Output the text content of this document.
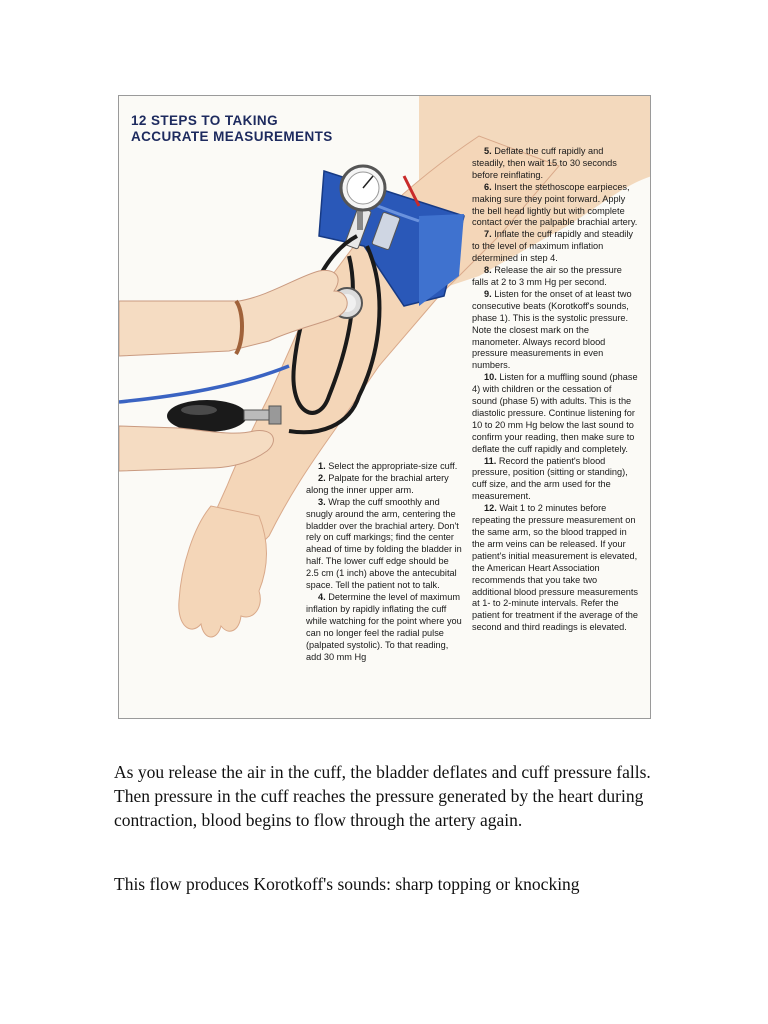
12 STEPS TO TAKING
ACCURATE MEASUREMENTS
1. Select the appropriate-size cuff.
2. Palpate for the brachial artery along the inner upper arm.
3. Wrap the cuff smoothly and snugly around the arm, centering the bladder over the brachial artery. Don't rely on cuff markings; find the center ahead of time by folding the bladder in half. The lower cuff edge should be 2.5 cm (1 inch) above the antecubital space. Tell the patient not to talk.
4. Determine the level of maximum inflation by rapidly inflating the cuff while watching for the point where you can no longer feel the radial pulse (palpated systolic). To that reading, add 30 mm Hg
5. Deflate the cuff rapidly and steadily, then wait 15 to 30 seconds before reinflating.
6. Insert the stethoscope earpieces, making sure they point forward. Apply the bell head lightly but with complete contact over the palpable brachial artery.
7. Inflate the cuff rapidly and steadily to the level of maximum inflation determined in step 4.
8. Release the air so the pressure falls at 2 to 3 mm Hg per second.
9. Listen for the onset of at least two consecutive beats (Korotkoff's sounds, phase 1). This is the systolic pressure. Note the closest mark on the manometer. Always record blood pressure measurements in even numbers.
10. Listen for a muffling sound (phase 4) with children or the cessation of sound (phase 5) with adults. This is the diastolic pressure. Continue listening for 10 to 20 mm Hg below the last sound to confirm your reading, then make sure to deflate the cuff rapidly and completely.
11. Record the patient's blood pressure, position (sitting or standing), cuff size, and the arm used for the measurement.
12. Wait 1 to 2 minutes before repeating the pressure measurement on the same arm, so the blood trapped in the arm veins can be released. If your patient's initial measurement is elevated, the American Heart Association recommends that you take two additional blood pressure measurements at 1- to 2-minute intervals. Refer the patient for treatment if the average of the second and third readings is elevated.

As you release the air in the cuff, the bladder deflates and cuff pressure falls. Then pressure in the cuff reaches the pressure generated by the heart during contraction, blood begins to flow through the artery again.

This flow produces Korotkoff's sounds: sharp topping or knocking
